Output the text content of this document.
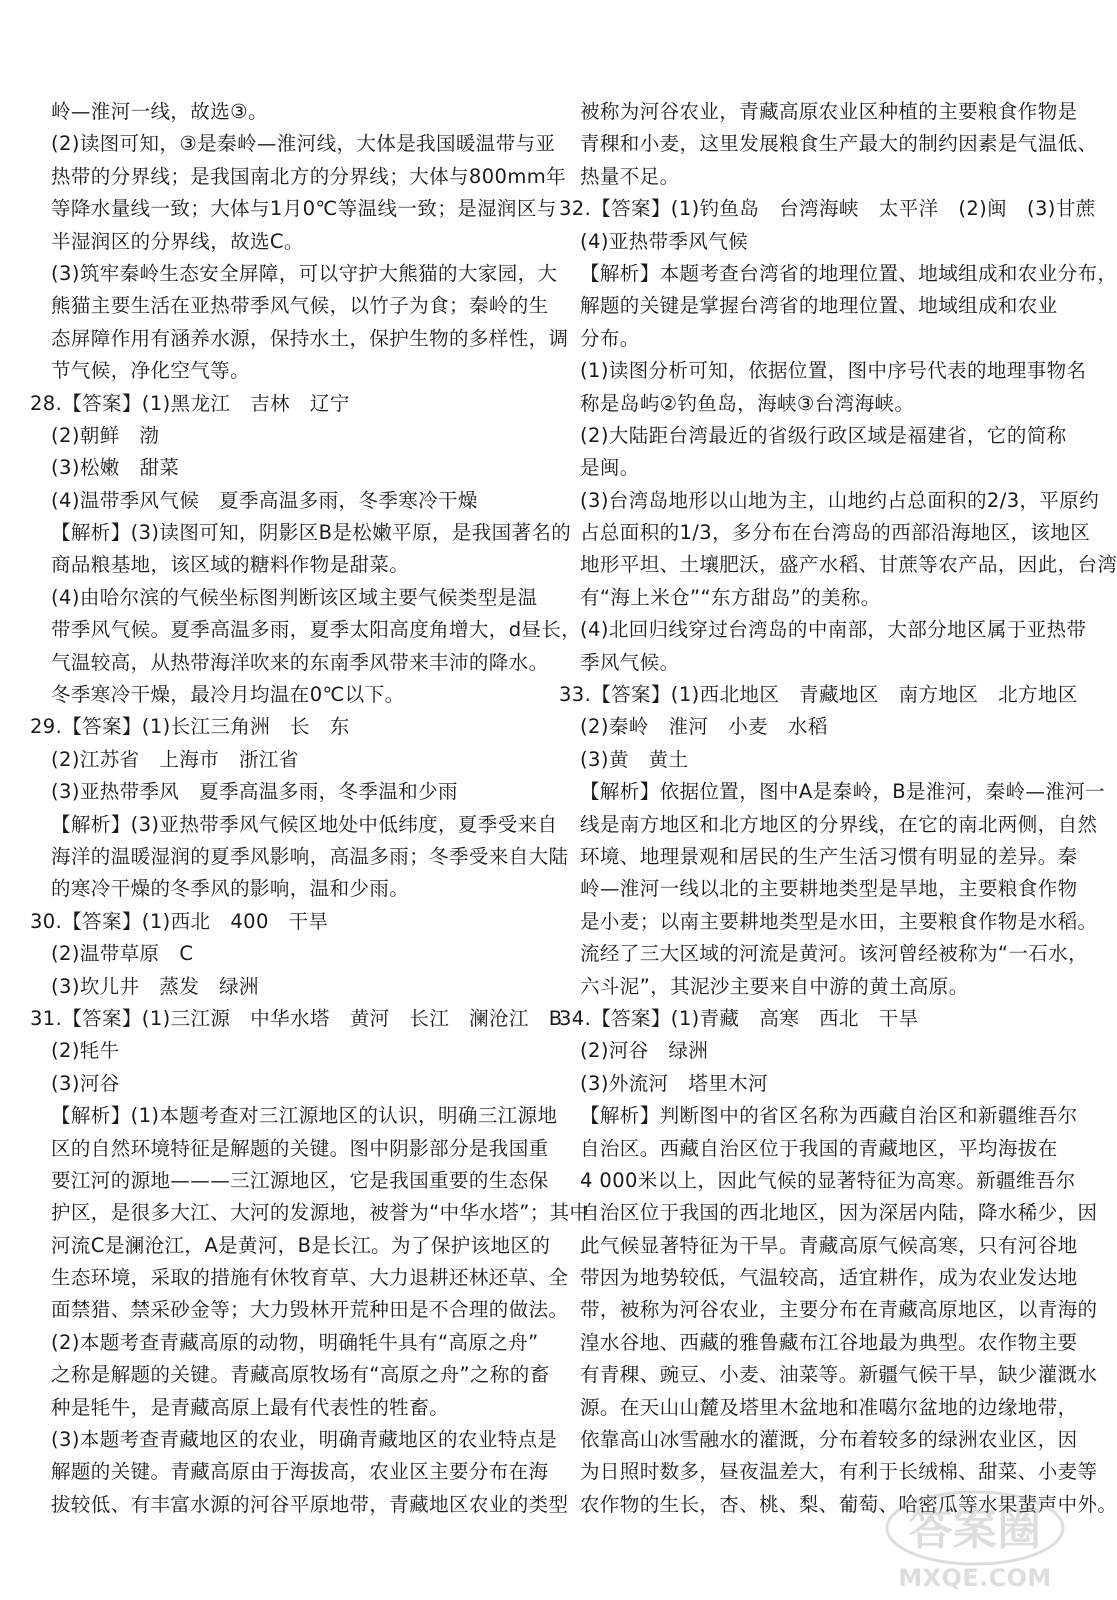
岭—淮河一线，故选③。
(2)读图可知，③是秦岭—淮河线，大体是我国暖温带与亚
热带的分界线；是我国南北方的分界线；大体与800mm年
等降水量线一致；大体与1月0℃等温线一致；是湿润区与
半湿润区的分界线，故选C。
(3)筑牢秦岭生态安全屏障，可以守护大熊猫的大家园，大
熊猫主要生活在亚热带季风气候，以竹子为食；秦岭的生
态屏障作用有涵养水源，保持水土，保护生物的多样性，调
节气候，净化空气等。
28.【答案】(1)黑龙江　吉林　辽宁
(2)朝鲜　渤
(3)松嫩　甜菜
(4)温带季风气候　夏季高温多雨，冬季寒冷干燥
【解析】(3)读图可知，阴影区B是松嫩平原，是我国著名的
商品粮基地，该区域的糖料作物是甜菜。
(4)由哈尔滨的气候坐标图判断该区域主要气候类型是温
带季风气候。夏季高温多雨，夏季太阳高度角增大，d昼长，
气温较高，从热带海洋吹来的东南季风带来丰沛的降水。
冬季寒冷干燥，最冷月均温在0℃以下。
29.【答案】(1)长江三角洲　长　东
(2)江苏省　上海市　浙江省
(3)亚热带季风　夏季高温多雨，冬季温和少雨
【解析】(3)亚热带季风气候区地处中低纬度，夏季受来自
海洋的温暖湿润的夏季风影响，高温多雨；冬季受来自大陆
的寒冷干燥的冬季风的影响，温和少雨。
30.【答案】(1)西北　400　干旱
(2)温带草原　C
(3)坎儿井　蒸发　绿洲
31.【答案】(1)三江源　中华水塔　黄河　长江　澜沧江　B
(2)牦牛
(3)河谷
【解析】(1)本题考查对三江源地区的认识，明确三江源地
区的自然环境特征是解题的关键。图中阴影部分是我国重
要江河的源地———三江源地区，它是我国重要的生态保
护区，是很多大江、大河的发源地，被誉为“中华水塔”；其中
河流C是澜沧江，A是黄河，B是长江。为了保护该地区的
生态环境，采取的措施有休牧育草、大力退耕还林还草、全
面禁猎、禁采砂金等；大力毁林开荒种田是不合理的做法。
(2)本题考查青藏高原的动物，明确牦牛具有“高原之舟”
之称是解题的关键。青藏高原牧场有“高原之舟”之称的畜
种是牦牛，是青藏高原上最有代表性的牲畜。
(3)本题考查青藏地区的农业，明确青藏地区的农业特点是
解题的关键。青藏高原由于海拔高，农业区主要分布在海
拔较低、有丰富水源的河谷平原地带，青藏地区农业的类型
被称为河谷农业，青藏高原农业区种植的主要粮食作物是
青稞和小麦，这里发展粮食生产最大的制约因素是气温低、
热量不足。
32.【答案】(1)钓鱼岛　台湾海峡　太平洋　(2)闽　(3)甘蔗
(4)亚热带季风气候
【解析】本题考查台湾省的地理位置、地域组成和农业分布，
解题的关键是掌握台湾省的地理位置、地域组成和农业
分布。
(1)读图分析可知，依据位置，图中序号代表的地理事物名
称是岛屿②钓鱼岛，海峡③台湾海峡。
(2)大陆距台湾最近的省级行政区域是福建省，它的简称
是闽。
(3)台湾岛地形以山地为主，山地约占总面积的2/3，平原约
占总面积的1/3，多分布在台湾岛的西部沿海地区，该地区
地形平坦、土壤肥沃，盛产水稻、甘蔗等农产品，因此，台湾
有“海上米仓”“东方甜岛”的美称。
(4)北回归线穿过台湾岛的中南部，大部分地区属于亚热带
季风气候。
33.【答案】(1)西北地区　青藏地区　南方地区　北方地区
(2)秦岭　淮河　小麦　水稻
(3)黄　黄土
【解析】依据位置，图中A是秦岭，B是淮河，秦岭—淮河一
线是南方地区和北方地区的分界线，在它的南北两侧，自然
环境、地理景观和居民的生产生活习惯有明显的差异。秦
岭—淮河一线以北的主要耕地类型是旱地，主要粮食作物
是小麦；以南主要耕地类型是水田，主要粮食作物是水稻。
流经了三大区域的河流是黄河。该河曾经被称为“一石水，
六斗泥”，其泥沙主要来自中游的黄土高原。
34.【答案】(1)青藏　高寒　西北　干旱
(2)河谷　绿洲
(3)外流河　塔里木河
【解析】判断图中的省区名称为西藏自治区和新疆维吾尔
自治区。西藏自治区位于我国的青藏地区，平均海拔在
4 000米以上，因此气候的显著特征为高寒。新疆维吾尔
自治区位于我国的西北地区，因为深居内陆，降水稀少，因
此气候显著特征为干旱。青藏高原气候高寒，只有河谷地
带因为地势较低，气温较高，适宜耕作，成为农业发达地
带，被称为河谷农业，主要分布在青藏高原地区，以青海的
湟水谷地、西藏的雅鲁藏布江谷地最为典型。农作物主要
有青稞、豌豆、小麦、油菜等。新疆气候干旱，缺少灌溉水
源。在天山山麓及塔里木盆地和准噶尔盆地的边缘地带，
依靠高山冰雪融水的灌溉，分布着较多的绿洲农业区，因
为日照时数多，昼夜温差大，有利于长绒棉、甜菜、小麦等
农作物的生长，杏、桃、梨、葡萄、哈密瓜等水果蜚声中外。
答案圈
MXQE.COM
